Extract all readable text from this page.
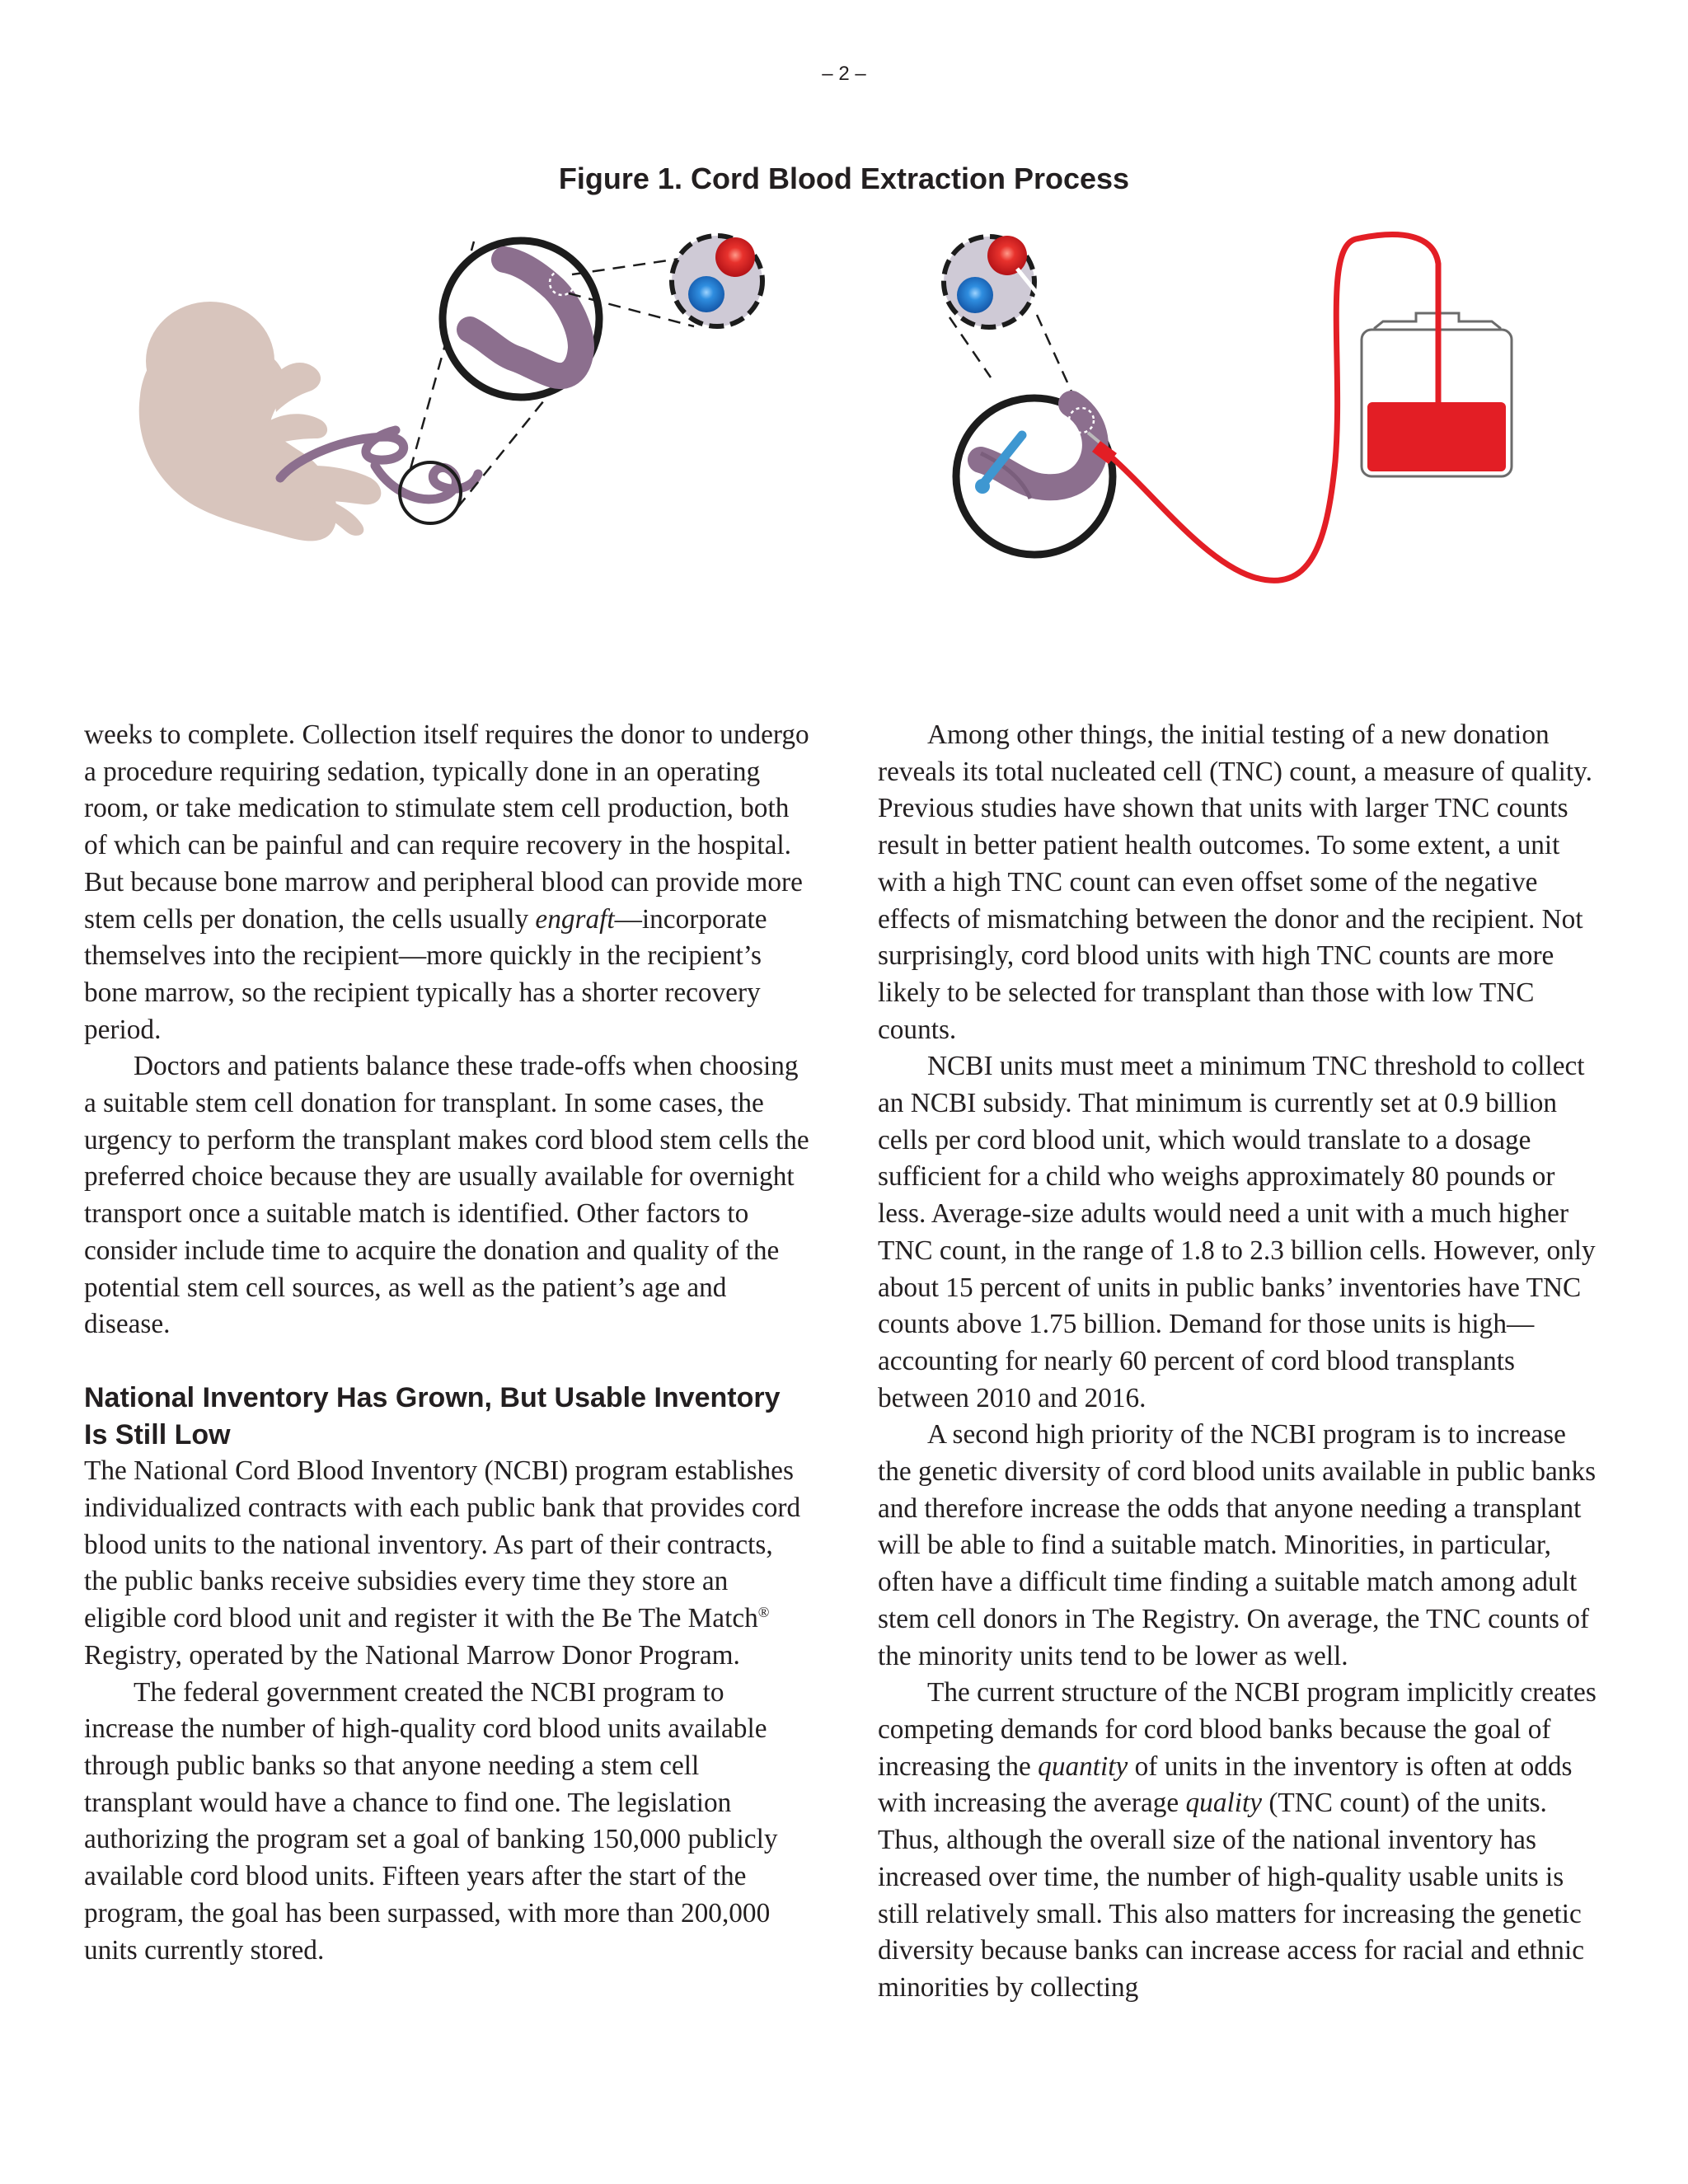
– 2 –
Figure 1. Cord Blood Extraction Process

weeks to complete. Collection itself requires the donor to undergo a procedure requiring sedation, typically done in an operating room, or take medication to stimulate stem cell production, both of which can be painful and can require recovery in the hospital. But because bone marrow and peripheral blood can provide more stem cells per donation, the cells usually engraft—incorporate themselves into the recipient—more quickly in the recipient’s bone marrow, so the recipient typically has a shorter recovery period.

Doctors and patients balance these trade-offs when choosing a suitable stem cell donation for transplant. In some cases, the urgency to perform the transplant makes cord blood stem cells the preferred choice because they are usually available for overnight transport once a suitable match is identified. Other factors to consider include time to acquire the donation and quality of the potential stem cell sources, as well as the patient’s age and disease.

National Inventory Has Grown, But Usable Inventory Is Still Low

The National Cord Blood Inventory (NCBI) program establishes individualized contracts with each public bank that provides cord blood units to the national inventory. As part of their contracts, the public banks receive subsidies every time they store an eligible cord blood unit and register it with the Be The Match® Registry, operated by the National Marrow Donor Program.

The federal government created the NCBI program to increase the number of high-quality cord blood units available through public banks so that anyone needing a stem cell transplant would have a chance to find one. The legislation authorizing the program set a goal of banking 150,000 publicly available cord blood units. Fifteen years after the start of the program, the goal has been surpassed, with more than 200,000 units currently stored.

Among other things, the initial testing of a new donation reveals its total nucleated cell (TNC) count, a measure of quality. Previous studies have shown that units with larger TNC counts result in better patient health outcomes. To some extent, a unit with a high TNC count can even offset some of the negative effects of mismatching between the donor and the recipient. Not surprisingly, cord blood units with high TNC counts are more likely to be selected for transplant than those with low TNC counts.

NCBI units must meet a minimum TNC threshold to collect an NCBI subsidy. That minimum is currently set at 0.9 billion cells per cord blood unit, which would translate to a dosage sufficient for a child who weighs approximately 80 pounds or less. Average-size adults would need a unit with a much higher TNC count, in the range of 1.8 to 2.3 billion cells. However, only about 15 percent of units in public banks’ inventories have TNC counts above 1.75 billion. Demand for those units is high—accounting for nearly 60 percent of cord blood transplants between 2010 and 2016.

A second high priority of the NCBI program is to increase the genetic diversity of cord blood units available in public banks and therefore increase the odds that anyone needing a transplant will be able to find a suitable match. Minorities, in particular, often have a difficult time finding a suitable match among adult stem cell donors in The Registry. On average, the TNC counts of the minority units tend to be lower as well.

The current structure of the NCBI program implicitly creates competing demands for cord blood banks because the goal of increasing the quantity of units in the inventory is often at odds with increasing the average quality (TNC count) of the units. Thus, although the overall size of the national inventory has increased over time, the number of high-quality usable units is still relatively small. This also matters for increasing the genetic diversity because banks can increase access for racial and ethnic minorities by collecting
